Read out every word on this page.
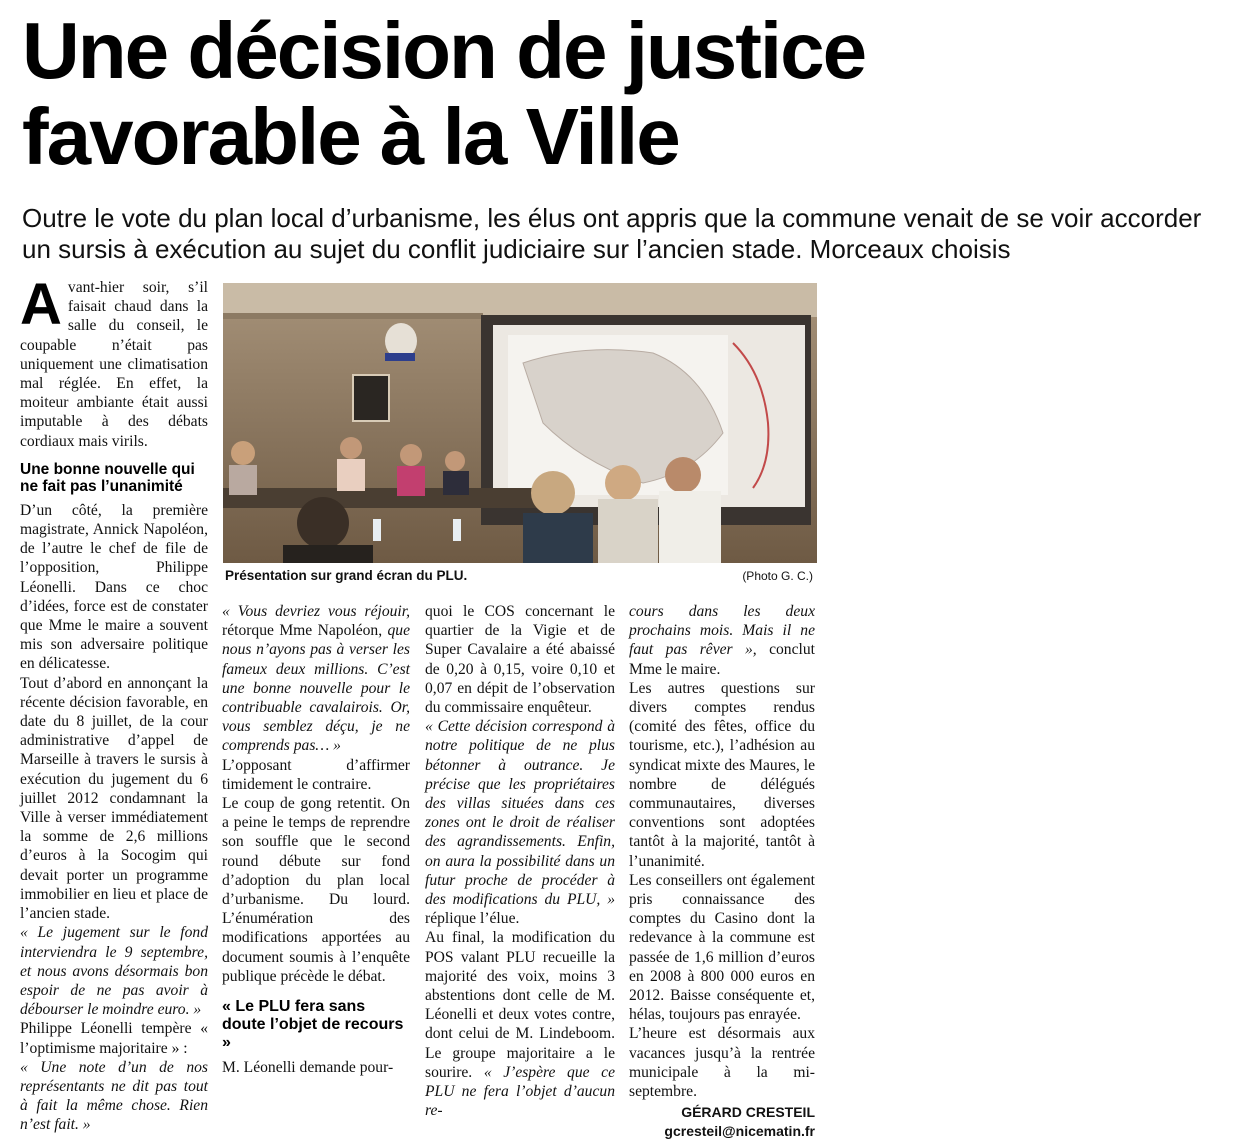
Une décision de justice favorable à la Ville

Outre le vote du plan local d’urbanisme, les élus ont appris que la commune venait de se voir accorder un sursis à exécution au sujet du conflit judiciaire sur l’ancien stade. Morceaux choisis

Avant-hier soir, s’il faisait chaud dans la salle du conseil, le coupable n’était pas uniquement une climatisation mal réglée. En effet, la moiteur ambiante était aussi imputable à des débats cordiaux mais virils.

Une bonne nouvelle qui ne fait pas l’unanimité

D’un côté, la première magistrate, Annick Napoléon, de l’autre le chef de file de l’opposition, Philippe Léonelli. Dans ce choc d’idées, force est de constater que Mme le maire a souvent mis son adversaire politique en délicatesse.

Tout d’abord en annonçant la récente décision favorable, en date du 8 juillet, de la cour administrative d’appel de Marseille à travers le sursis à exécution du jugement du 6 juillet 2012 condamnant la Ville à verser immédiatement la somme de 2,6 millions d’euros à la Socogim qui devait porter un programme immobilier en lieu et place de l’ancien stade.

« Le jugement sur le fond interviendra le 9 septembre, et nous avons désormais bon espoir de ne pas avoir à débourser le moindre euro. »

Philippe Léonelli tempère « l’optimisme majoritaire » :

« Une note d’un de nos représentants ne dit pas tout à fait la même chose. Rien n’est fait. »

Présentation sur grand écran du PLU.	(Photo G. C.)

« Vous devriez vous réjouir, rétorque Mme Napoléon, que nous n’ayons pas à verser les fameux deux millions. C’est une bonne nouvelle pour le contribuable cavalairois. Or, vous semblez déçu, je ne comprends pas… »

L’opposant d’affirmer timidement le contraire.

Le coup de gong retentit. On a peine le temps de reprendre son souffle que le second round débute sur fond d’adoption du plan local d’urbanisme. Du lourd. L’énumération des modifications apportées au document soumis à l’enquête publique précède le débat.

« Le PLU fera sans doute l’objet de recours »

M. Léonelli demande pour-

quoi le COS concernant le quartier de la Vigie et de Super Cavalaire a été abaissé de 0,20 à 0,15, voire 0,10 et 0,07 en dépit de l’observation du commissaire enquêteur.

« Cette décision correspond à notre politique de ne plus bétonner à outrance. Je précise que les propriétaires des villas situées dans ces zones ont le droit de réaliser des agrandissements. Enfin, on aura la possibilité dans un futur proche de procéder à des modifications du PLU, » réplique l’élue.

Au final, la modification du POS valant PLU recueille la majorité des voix, moins 3 abstentions dont celle de M. Léonelli et deux votes contre, dont celui de M. Lindeboom. Le groupe majoritaire a le sourire. « J’espère que ce PLU ne fera l’objet d’aucun re-

cours dans les deux prochains mois. Mais il ne faut pas rêver », conclut Mme le maire.

Les autres questions sur divers comptes rendus (comité des fêtes, office du tourisme, etc.), l’adhésion au syndicat mixte des Maures, le nombre de délégués communautaires, diverses conventions sont adoptées tantôt à la majorité, tantôt à l’unanimité.

Les conseillers ont également pris connaissance des comptes du Casino dont la redevance à la commune est passée de 1,6 million d’euros en 2008 à 800 000 euros en 2012. Baisse conséquente et, hélas, toujours pas enrayée.

L’heure est désormais aux vacances jusqu’à la rentrée municipale à la mi-septembre.

GÉRARD CRESTEIL

gcresteil@nicematin.fr
